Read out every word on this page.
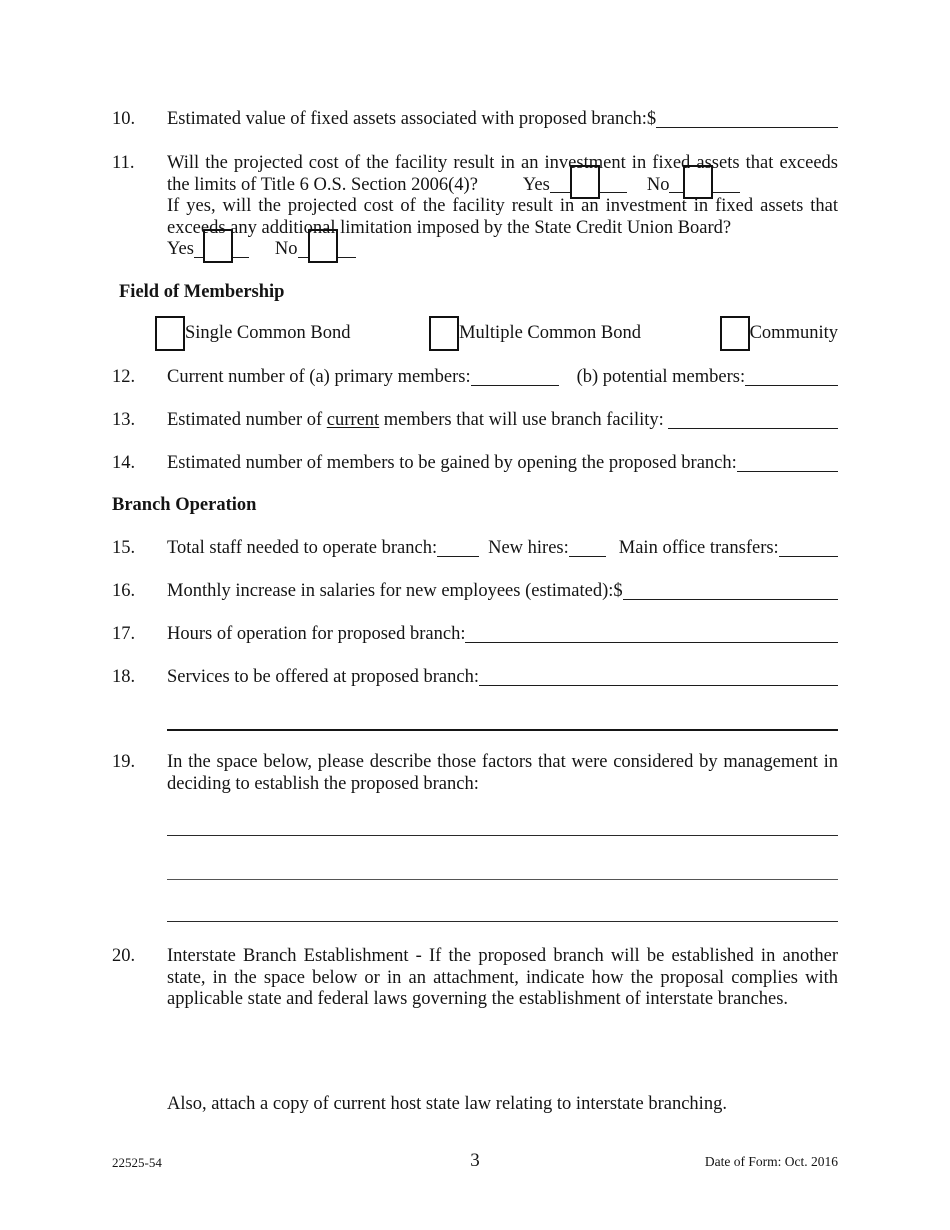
10. Estimated value of fixed assets associated with proposed branch: $
11. Will the projected cost of the facility result in an investment in fixed assets that exceeds the limits of Title 6 O.S. Section 2006(4)? Yes	No
If yes, will the projected cost of the facility result in an investment in fixed assets that exceeds any additional limitation imposed by the State Credit Union Board?
Yes	No
Field of Membership
Single Common Bond	Multiple Common Bond	Community
12. Current number of (a) primary members:	(b) potential members:
13. Estimated number of current members that will use branch facility:
14. Estimated number of members to be gained by opening the proposed branch:
Branch Operation
15. Total staff needed to operate branch:	New hires:	Main office transfers:
16. Monthly increase in salaries for new employees (estimated): $
17. Hours of operation for proposed branch:
18. Services to be offered at proposed branch:
19. In the space below, please describe those factors that were considered by management in deciding to establish the proposed branch:
20. Interstate Branch Establishment - If the proposed branch will be established in another state, in the space below or in an attachment, indicate how the proposal complies with applicable state and federal laws governing the establishment of interstate branches.
Also, attach a copy of current host state law relating to interstate branching.
22525-54	3	Date of Form: Oct. 2016
